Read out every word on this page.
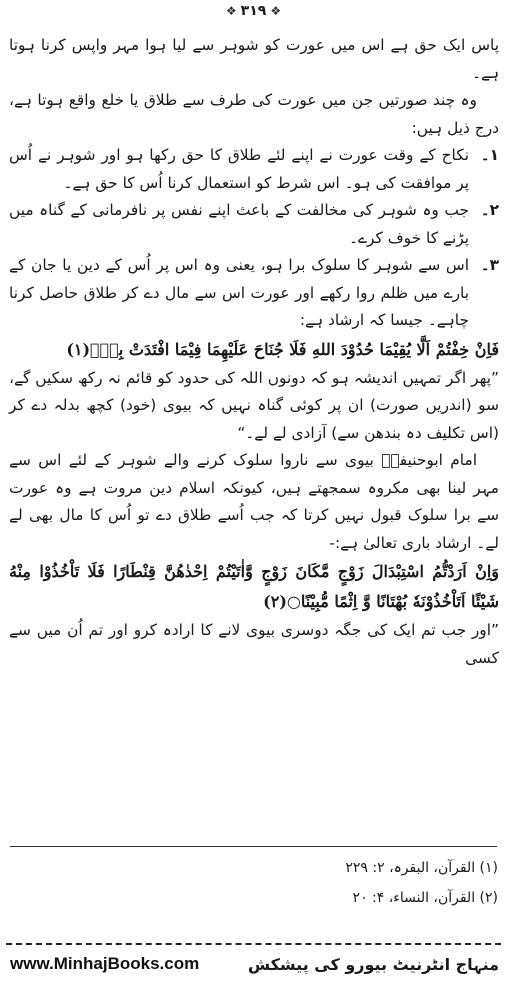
❖ ۳۱۹ ❖

پاس ایک حق ہے اس میں عورت کو شوہر سے لیا ہوا مہر واپس کرنا ہوتا ہے۔

وہ چند صورتیں جن میں عورت کی طرف سے طلاق یا خلع واقع ہوتا ہے، درج ذیل ہیں:

۱۔
نکاح کے وقت عورت نے اپنے لئے طلاق کا حق رکھا ہو اور شوہر نے اُس پر موافقت کی ہو۔ اس شرط کو استعمال کرنا اُس کا حق ہے۔
۲۔
جب وہ شوہر کی مخالفت کے باعث اپنے نفس پر نافرمانی کے گناہ میں پڑنے کا خوف کرے۔
۳۔
اس سے شوہر کا سلوک برا ہو، یعنی وہ اس پر اُس کے دین یا جان کے بارے میں ظلم روا رکھے اور عورت اس سے مال دے کر طلاق حاصل کرنا چاہے۔ جیسا کہ ارشاد ہے:

فَاِنْ خِفْتُمْ اَلَّا يُقِيْمَا حُدُوْدَ اللهِ فَلَا جُنَاحَ عَلَيْهِمَا فِيْمَا افْتَدَتْ بِهٖ۔(۱)

”پھر اگر تمہیں اندیشہ ہو کہ دونوں اللہ کی حدود کو قائم نہ رکھ سکیں گے، سو (اندریں صورت) ان پر کوئی گناہ نہیں کہ بیوی (خود) کچھ بدلہ دے کر (اس تکلیف دہ بندھن سے) آزادی لے لے۔“

امام ابوحنیفہؒ بیوی سے ناروا سلوک کرنے والے شوہر کے لئے اس سے مہر لینا بھی مکروہ سمجھتے ہیں، کیونکہ اسلام دین مروت ہے وہ عورت سے برا سلوک قبول نہیں کرتا کہ جب اُسے طلاق دے تو اُس کا مال بھی لے لے۔ ارشاد باری تعالیٰ ہے:-

وَاِنْ اَرَدْتُّمُ اسْتِبْدَالَ زَوْجٍ مَّكَانَ زَوْجٍ وَّاٰتَيْتُمْ اِحْدٰهُنَّ قِنْطَارًا فَلَا تَاْخُذُوْا مِنْهُ شَيْئًا اَتَاْخُذُوْنَهٗ بُهْتَانًا وَّ اِثْمًا مُّبِيْنًا○(۲)

”اور جب تم ایک کی جگہ دوسری بیوی لانے کا ارادہ کرو اور تم اُن میں سے کسی

(۱) القرآن، البقرہ، ۲: ۲۲۹

(۲) القرآن، النساء، ۴: ۲۰

www.MinhajBooks.com	منہاج انٹرنیٹ بیورو کی پیشکش
